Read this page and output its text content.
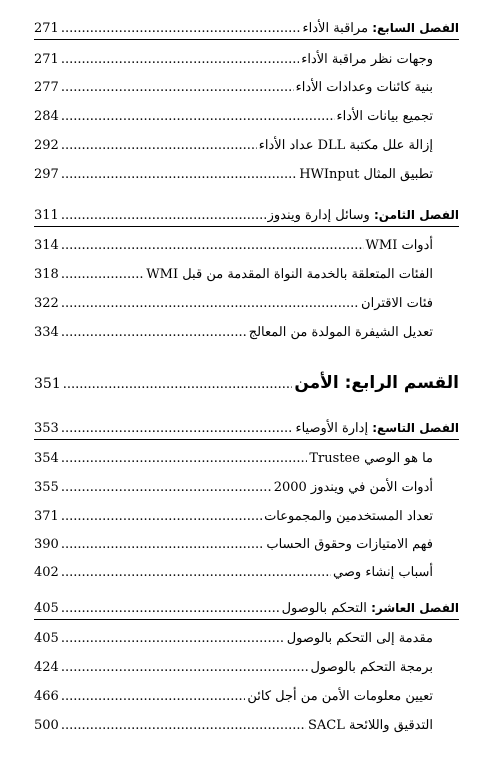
الفصل السابع: مراقبة الأداء
.....
271
وجهات نظر مراقبة الأداء
.....
271
بنية كائنات وعدادات الأداء
.....
277
تجميع بيانات الأداء
.....
284
إزالة علل مكتبة DLL عداد الأداء
.....
292
تطبيق المثال HWInput
.....
297
الفصل الثامن: وسائل إدارة ويندوز
.....
311
أدوات WMI
.....
314
الفئات المتعلقة بالخدمة النواة المقدمة من قبل WMI
.....
318
فئات الاقتران
.....
322
تعديل الشيفرة المولدة من المعالج
.....
334
القسم الرابع: الأمن
.....
351
الفصل التاسع: إدارة الأوصياء
.....
353
ما هو الوصي Trustee
.....
354
أدوات الأمن في ويندوز 2000
.....
355
تعداد المستخدمين والمجموعات
.....
371
فهم الامتيازات وحقوق الحساب
.....
390
أسباب إنشاء وصي
.....
402
الفصل العاشر: التحكم بالوصول
.....
405
مقدمة إلى التحكم بالوصول
.....
405
برمجة التحكم بالوصول
.....
424
تعيين معلومات الأمن من أجل كائن
.....
466
التدقيق واللائحة SACL
.....
500
